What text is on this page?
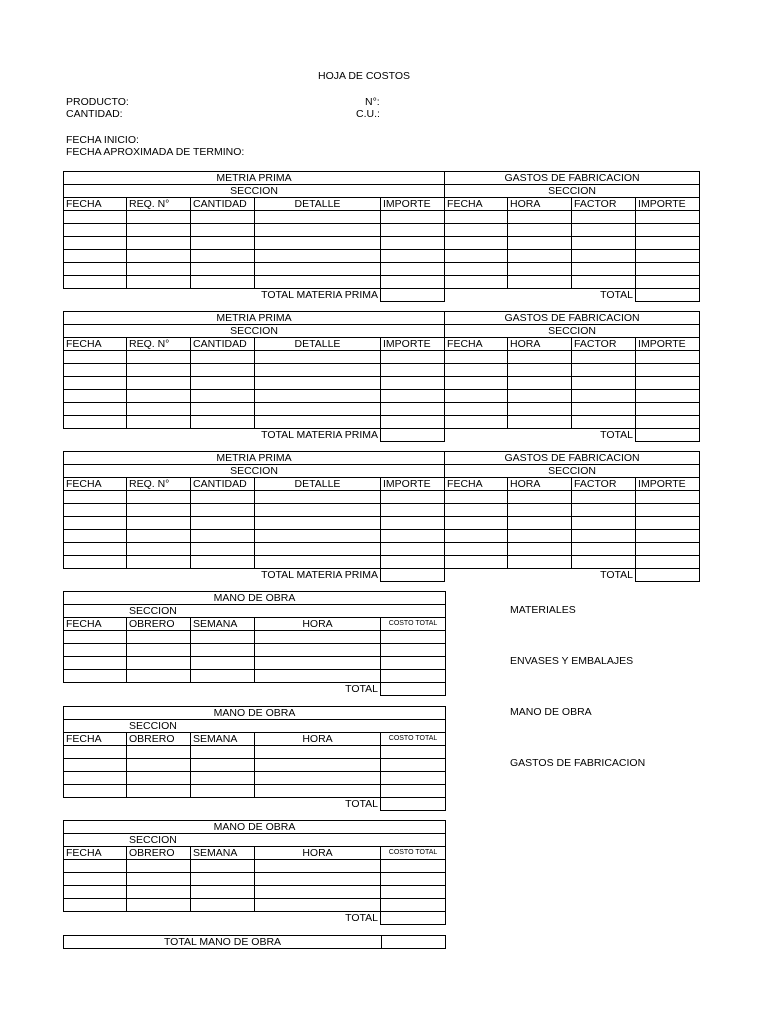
HOJA DE COSTOS
PRODUCTO:
CANTIDAD:
N°:
C.U.:
FECHA INICIO:
FECHA APROXIMADA DE TERMINO:
METRIA PRIMA					GASTOS DE FABRICACION			
SECCION					SECCION			
FECHA	REQ. N°	CANTIDAD	DETALLE	IMPORTE	FECHA	HORA	FACTOR	IMPORTE

			TOTAL MATERIA PRIMA		TOTAL			
METRIA PRIMA					GASTOS DE FABRICACION			
SECCION					SECCION			
FECHA	REQ. N°	CANTIDAD	DETALLE	IMPORTE	FECHA	HORA	FACTOR	IMPORTE

			TOTAL MATERIA PRIMA		TOTAL			
METRIA PRIMA					GASTOS DE FABRICACION			
SECCION					SECCION			
FECHA	REQ. N°	CANTIDAD	DETALLE	IMPORTE	FECHA	HORA	FACTOR	IMPORTE

			TOTAL MATERIA PRIMA		TOTAL			
MANO DE OBRA				
SECCION				
FECHA	OBRERO	SEMANA	HORA	COSTO TOTAL

			TOTAL	
MANO DE OBRA				
SECCION				
FECHA	OBRERO	SEMANA	HORA	COSTO TOTAL

			TOTAL	
MANO DE OBRA				
SECCION				
FECHA	OBRERO	SEMANA	HORA	COSTO TOTAL

			TOTAL	
TOTAL MANO DE OBRA	
MATERIALES
ENVASES Y EMBALAJES
MANO DE OBRA
GASTOS DE FABRICACION
